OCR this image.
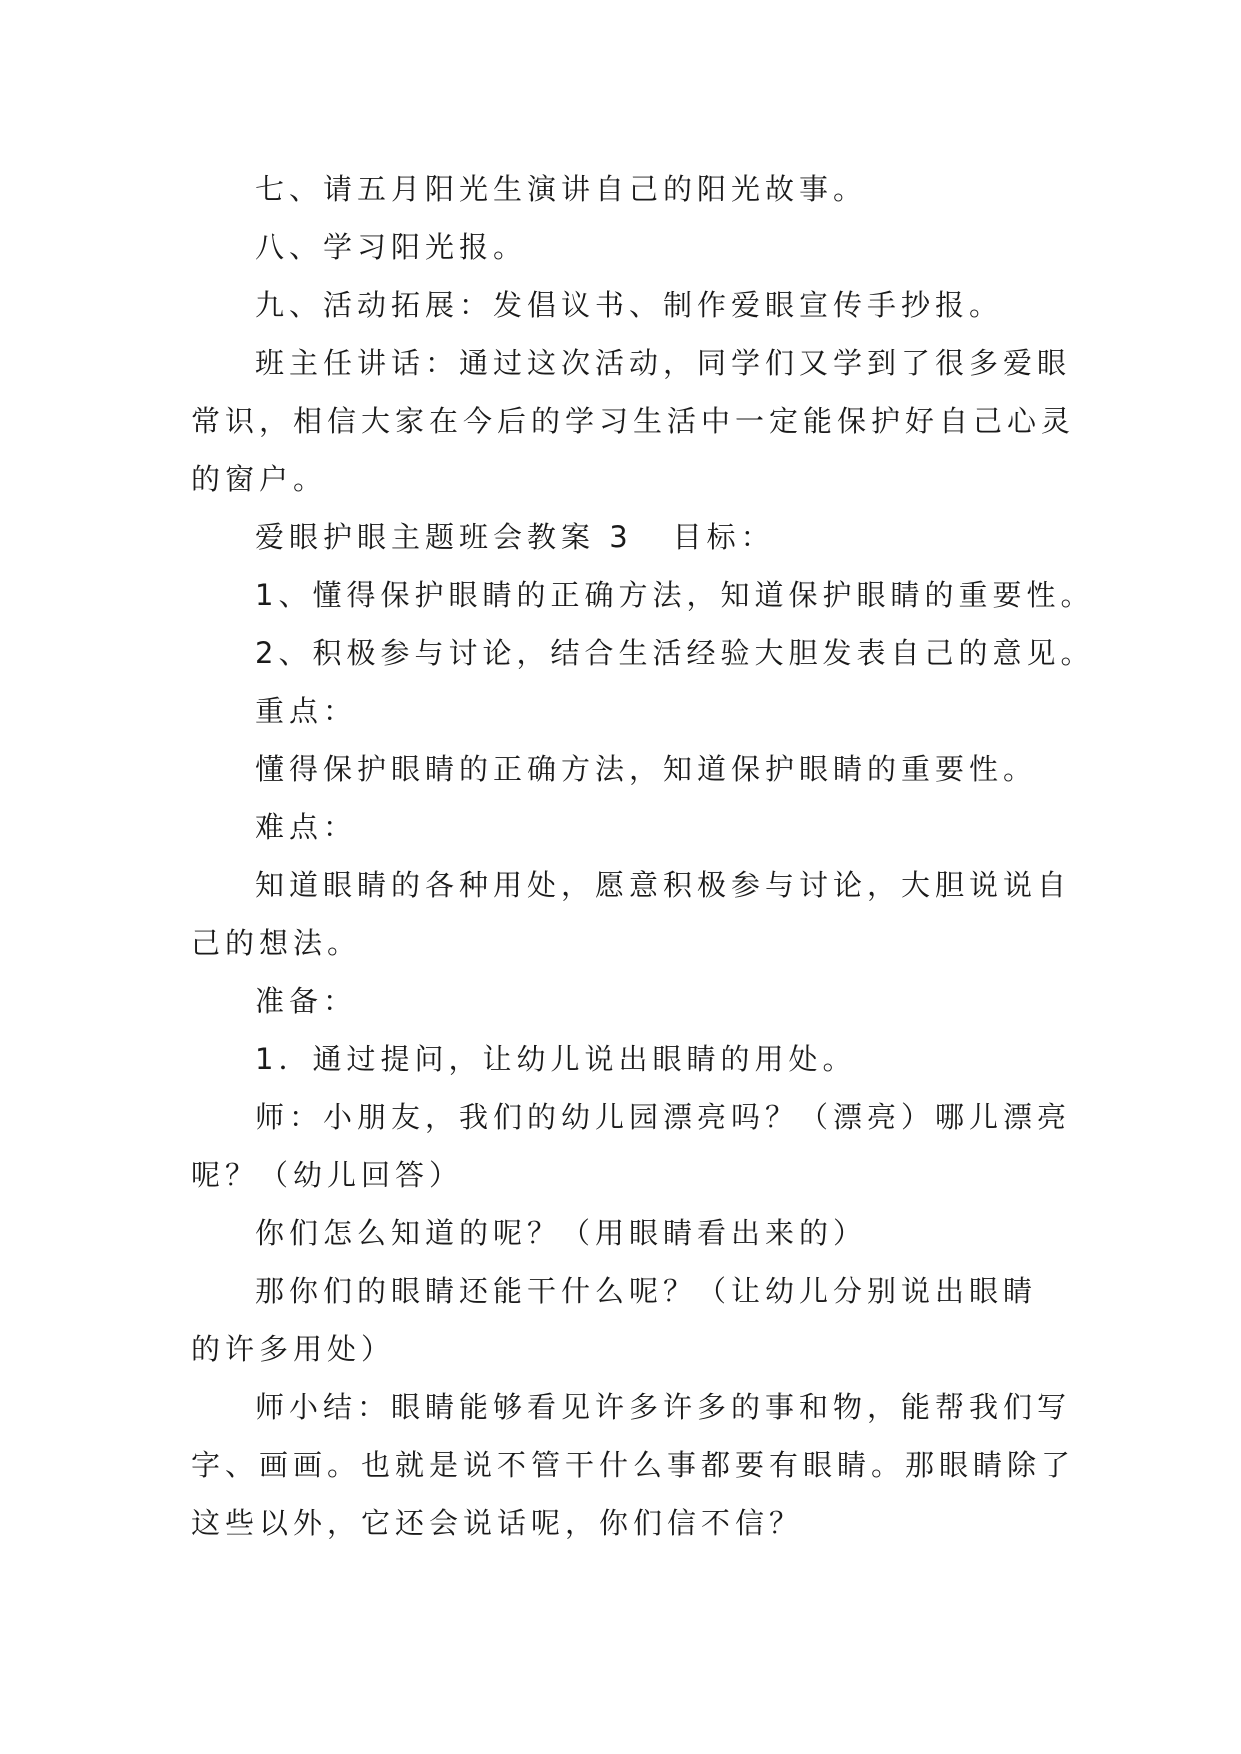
七、请五月阳光生演讲自己的阳光故事。

八、学习阳光报。

九、活动拓展：发倡议书、制作爱眼宣传手抄报。

班主任讲话：通过这次活动，同学们又学到了很多爱眼

常识，相信大家在今后的学习生活中一定能保护好自己心灵

的窗户。

爱眼护眼主题班会教案 3 目标：

1、懂得保护眼睛的正确方法，知道保护眼睛的重要性。

2、积极参与讨论，结合生活经验大胆发表自己的意见。

重点：

懂得保护眼睛的正确方法，知道保护眼睛的重要性。

难点：

知道眼睛的各种用处，愿意积极参与讨论，大胆说说自

己的想法。

准备：

1．通过提问，让幼儿说出眼睛的用处。

师：小朋友，我们的幼儿园漂亮吗？（漂亮）哪儿漂亮

呢？（幼儿回答）

你们怎么知道的呢？（用眼睛看出来的）

那你们的眼睛还能干什么呢？（让幼儿分别说出眼睛

的许多用处）

师小结：眼睛能够看见许多许多的事和物，能帮我们写

字、画画。也就是说不管干什么事都要有眼睛。那眼睛除了

这些以外，它还会说话呢，你们信不信？
